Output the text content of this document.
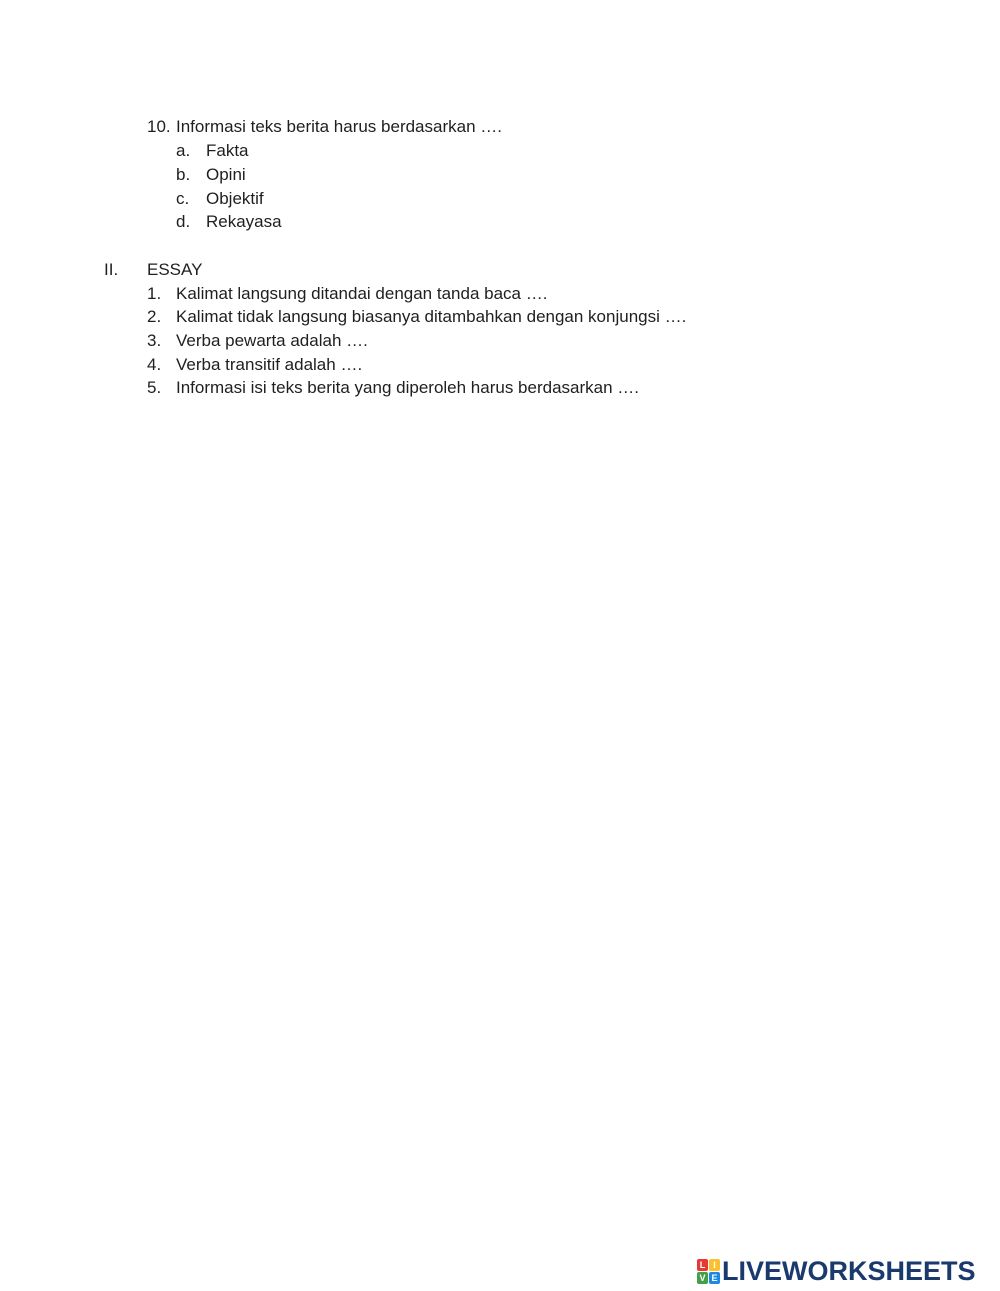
10. Informasi teks berita harus berdasarkan ….
a. Fakta
b. Opini
c. Objektif
d. Rekayasa
II. ESSAY
1. Kalimat langsung ditandai dengan tanda baca ….
2. Kalimat tidak langsung biasanya ditambahkan dengan konjungsi ….
3. Verba pewarta adalah ….
4. Verba transitif adalah ….
5. Informasi isi teks berita yang diperoleh harus berdasarkan ….
L I
V E LIVEWORKSHEETS
